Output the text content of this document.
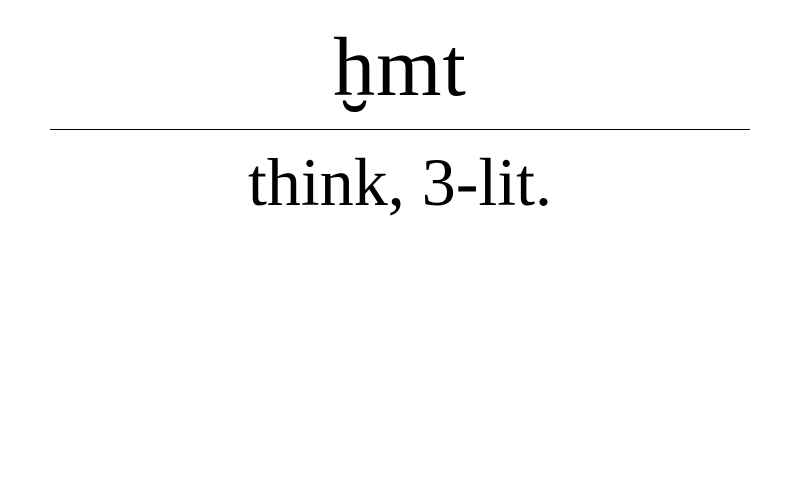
ḫmt
think, 3-lit.
